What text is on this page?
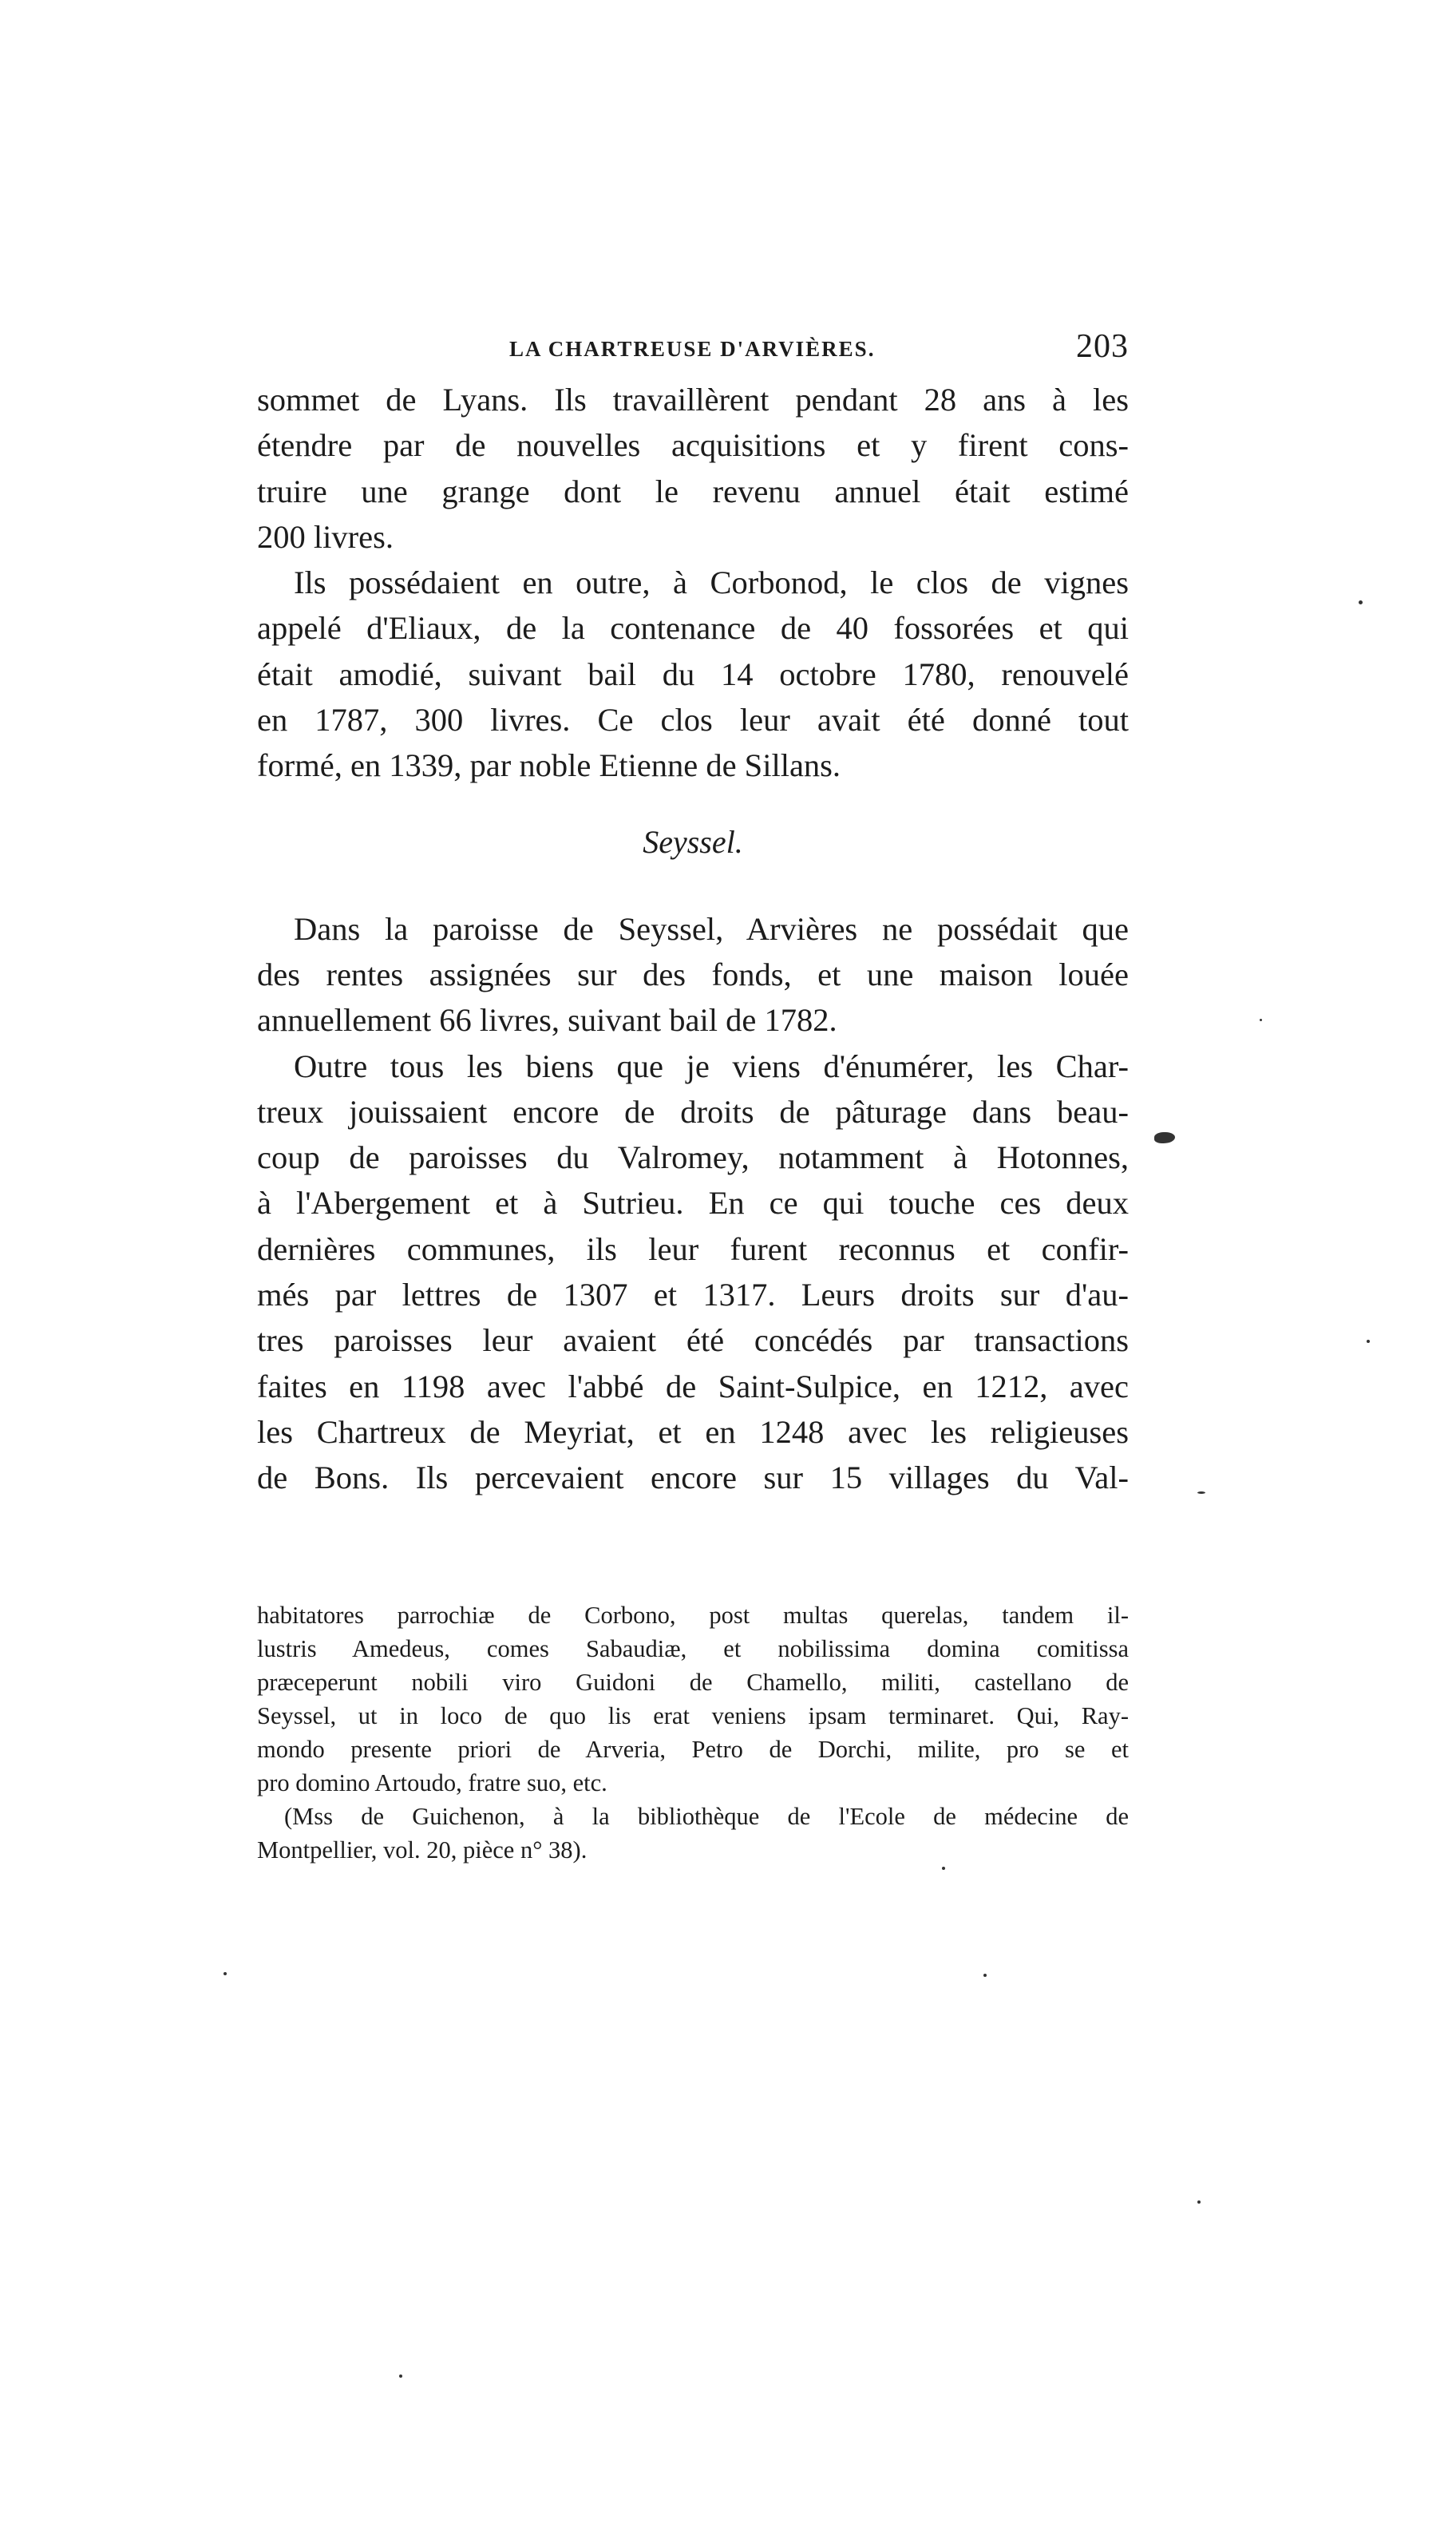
LA CHARTREUSE D'ARVIÈRES.	203

sommet de Lyans. Ils travaillèrent pendant 28 ans à les
étendre par de nouvelles acquisitions et y firent cons-
truire une grange dont le revenu annuel était estimé
200 livres.

Ils possédaient en outre, à Corbonod, le clos de vignes
appelé d'Eliaux, de la contenance de 40 fossorées et qui
était amodié, suivant bail du 14 octobre 1780, renouvelé
en 1787, 300 livres. Ce clos leur avait été donné tout
formé, en 1339, par noble Etienne de Sillans.

Seyssel.

Dans la paroisse de Seyssel, Arvières ne possédait que
des rentes assignées sur des fonds, et une maison louée
annuellement 66 livres, suivant bail de 1782.

Outre tous les biens que je viens d'énumérer, les Char-
treux jouissaient encore de droits de pâturage dans beau-
coup de paroisses du Valromey, notamment à Hotonnes,
à l'Abergement et à Sutrieu. En ce qui touche ces deux
dernières communes, ils leur furent reconnus et confir-
més par lettres de 1307 et 1317. Leurs droits sur d'au-
tres paroisses leur avaient été concédés par transactions
faites en 1198 avec l'abbé de Saint-Sulpice, en 1212, avec
les Chartreux de Meyriat, et en 1248 avec les religieuses
de Bons. Ils percevaient encore sur 15 villages du Val-

habitatores parrochiæ de Corbono, post multas querelas, tandem il-
lustris Amedeus, comes Sabaudiæ, et nobilissima domina comitissa
præceperunt nobili viro Guidoni de Chamello, militi, castellano de
Seyssel, ut in loco de quo lis erat veniens ipsam terminaret. Qui, Ray-
mondo presente priori de Arveria, Petro de Dorchi, milite, pro se et
pro domino Artoudo, fratre suo, etc.
(Mss de Guichenon, à la bibliothèque de l'Ecole de médecine de
Montpellier, vol. 20, pièce n° 38).
